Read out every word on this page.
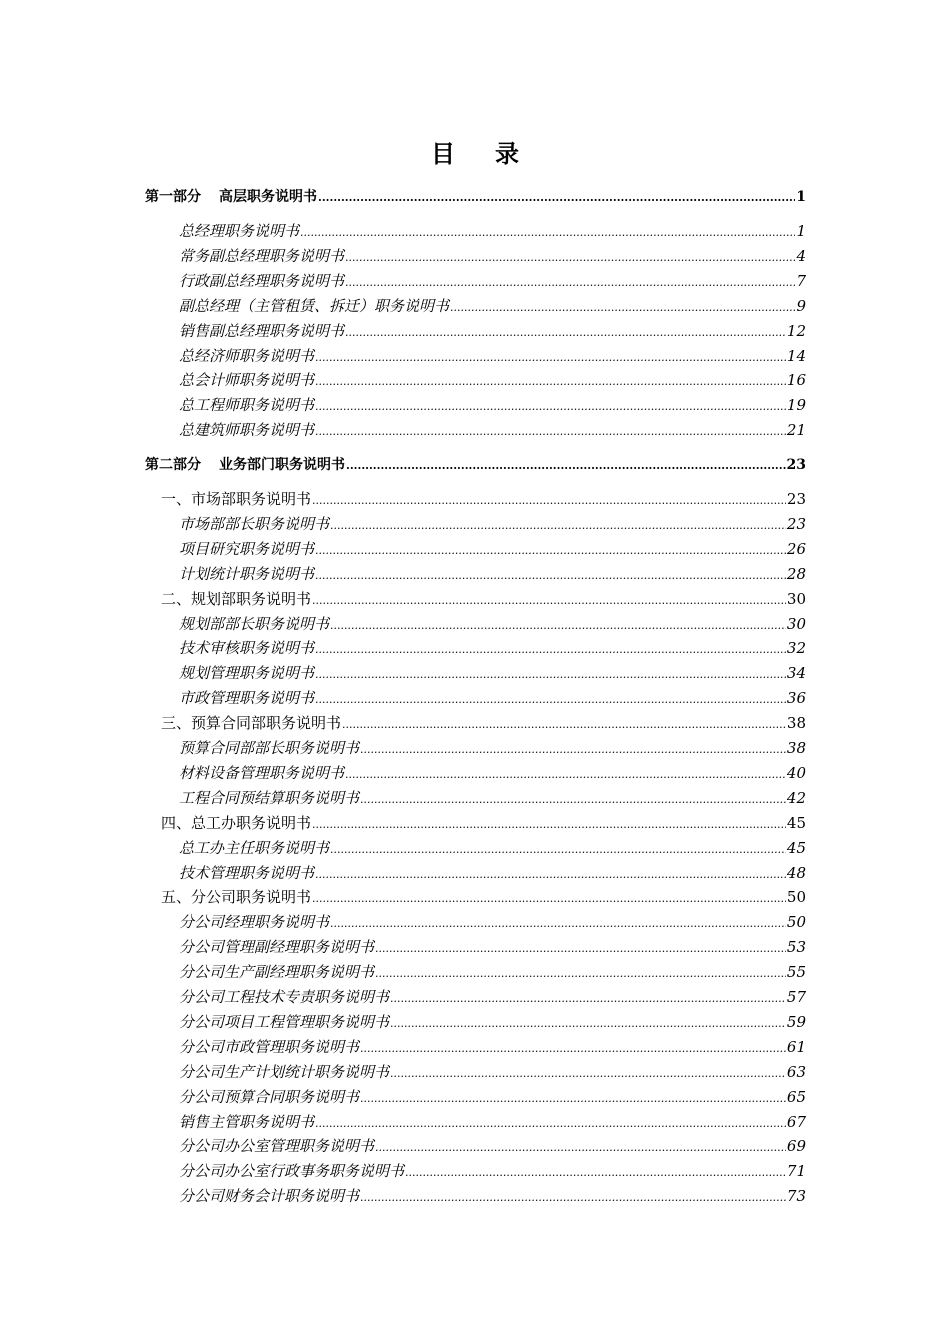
目 录
第一部分 高层职务说明书 .....	1
总经理职务说明书 .....	1
常务副总经理职务说明书 .....	4
行政副总经理职务说明书 .....	7
副总经理（主管租赁、拆迁）职务说明书 .....	9
销售副总经理职务说明书 .....	12
总经济师职务说明书 .....	14
总会计师职务说明书 .....	16
总工程师职务说明书 .....	19
总建筑师职务说明书 .....	21
第二部分 业务部门职务说明书 .....	23
一、市场部职务说明书 .....	23
市场部部长职务说明书 .....	23
项目研究职务说明书 .....	26
计划统计职务说明书 .....	28
二、规划部职务说明书 .....	30
规划部部长职务说明书 .....	30
技术审核职务说明书 .....	32
规划管理职务说明书 .....	34
市政管理职务说明书 .....	36
三、预算合同部职务说明书 .....	38
预算合同部部长职务说明书 .....	38
材料设备管理职务说明书 .....	40
工程合同预结算职务说明书 .....	42
四、总工办职务说明书 .....	45
总工办主任职务说明书 .....	45
技术管理职务说明书 .....	48
五、分公司职务说明书 .....	50
分公司经理职务说明书 .....	50
分公司管理副经理职务说明书 .....	53
分公司生产副经理职务说明书 .....	55
分公司工程技术专责职务说明书 .....	57
分公司项目工程管理职务说明书 .....	59
分公司市政管理职务说明书 .....	61
分公司生产计划统计职务说明书 .....	63
分公司预算合同职务说明书 .....	65
销售主管职务说明书 .....	67
分公司办公室管理职务说明书 .....	69
分公司办公室行政事务职务说明书 .....	71
分公司财务会计职务说明书 .....	73
